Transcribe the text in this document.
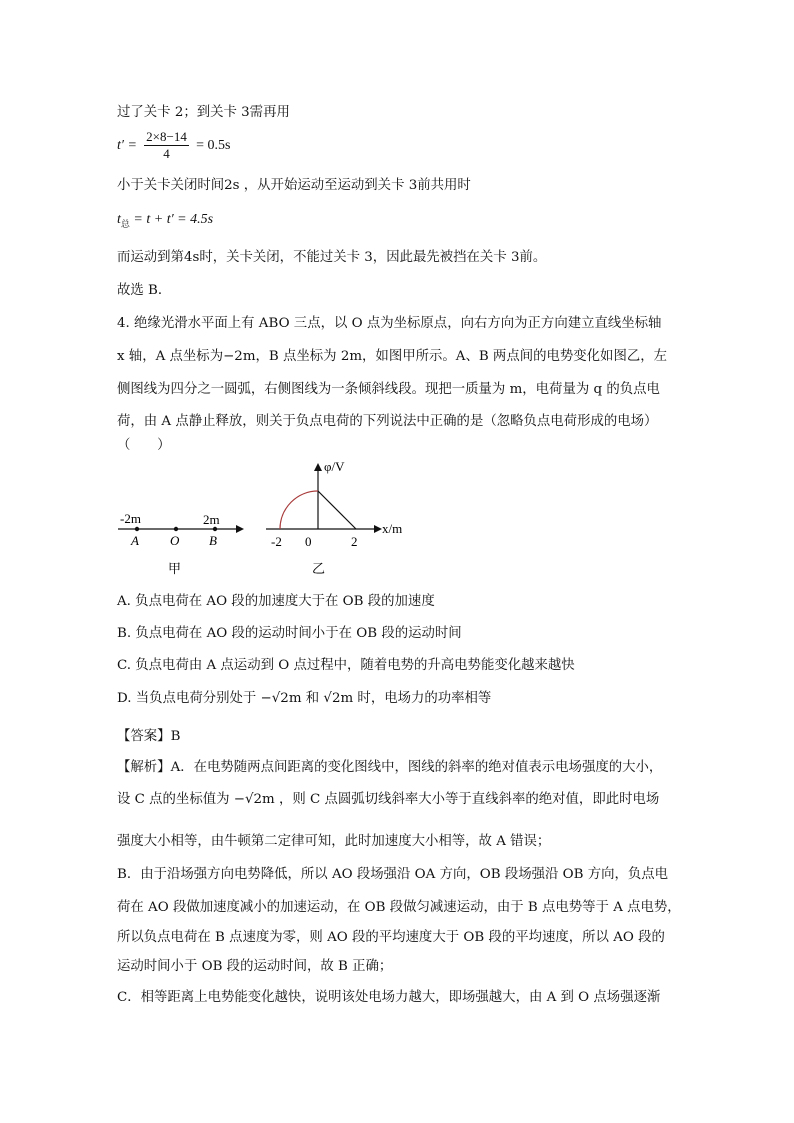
过了关卡 2；到关卡 3需再用
$t' = \frac{2\times 8-14}{4} = 0.5s$
小于关卡关闭时间2s ，从开始运动至运动到关卡 3前共用时
$t_总 = t + t' = 4.5s$
而运动到第4s时，关卡关闭，不能过关卡 3，因此最先被挡在关卡 3前。
故选 B．
4. 绝缘光滑水平面上有 ABO 三点，以 O 点为坐标原点，向右方向为正方向建立直线坐标轴
x 轴，A 点坐标为−2m，B 点坐标为 2m，如图甲所示。A、B 两点间的电势变化如图乙，左
侧图线为四分之一圆弧，右侧图线为一条倾斜线段。现把一质量为 m，电荷量为 q 的负点电
荷，由 A 点静止释放，则关于负点电荷的下列说法中正确的是（忽略负点电荷形成的电场）
（　　）
-2m	2m
A O B
甲
φ/V
x/m
-2 0	2
乙
A. 负点电荷在 AO 段的加速度大于在 OB 段的加速度
B. 负点电荷在 AO 段的运动时间小于在 OB 段的运动时间
C. 负点电荷由 A 点运动到 O 点过程中，随着电势的升高电势能变化越来越快
D. 当负点电荷分别处于 −√2m 和 √2m 时，电场力的功率相等
【答案】B
【解析】A．在电势随两点间距离的变化图线中，图线的斜率的绝对值表示电场强度的大小，
设 C 点的坐标值为 −√2m ，则 C 点圆弧切线斜率大小等于直线斜率的绝对值，即此时电场
强度大小相等，由牛顿第二定律可知，此时加速度大小相等，故 A 错误；
B．由于沿场强方向电势降低，所以 AO 段场强沿 OA 方向，OB 段场强沿 OB 方向，负点电
荷在 AO 段做加速度减小的加速运动，在 OB 段做匀减速运动，由于 B 点电势等于 A 点电势，
所以负点电荷在 B 点速度为零，则 AO 段的平均速度大于 OB 段的平均速度，所以 AO 段的
运动时间小于 OB 段的运动时间，故 B 正确；
C．相等距离上电势能变化越快，说明该处电场力越大，即场强越大，由 A 到 O 点场强逐渐
